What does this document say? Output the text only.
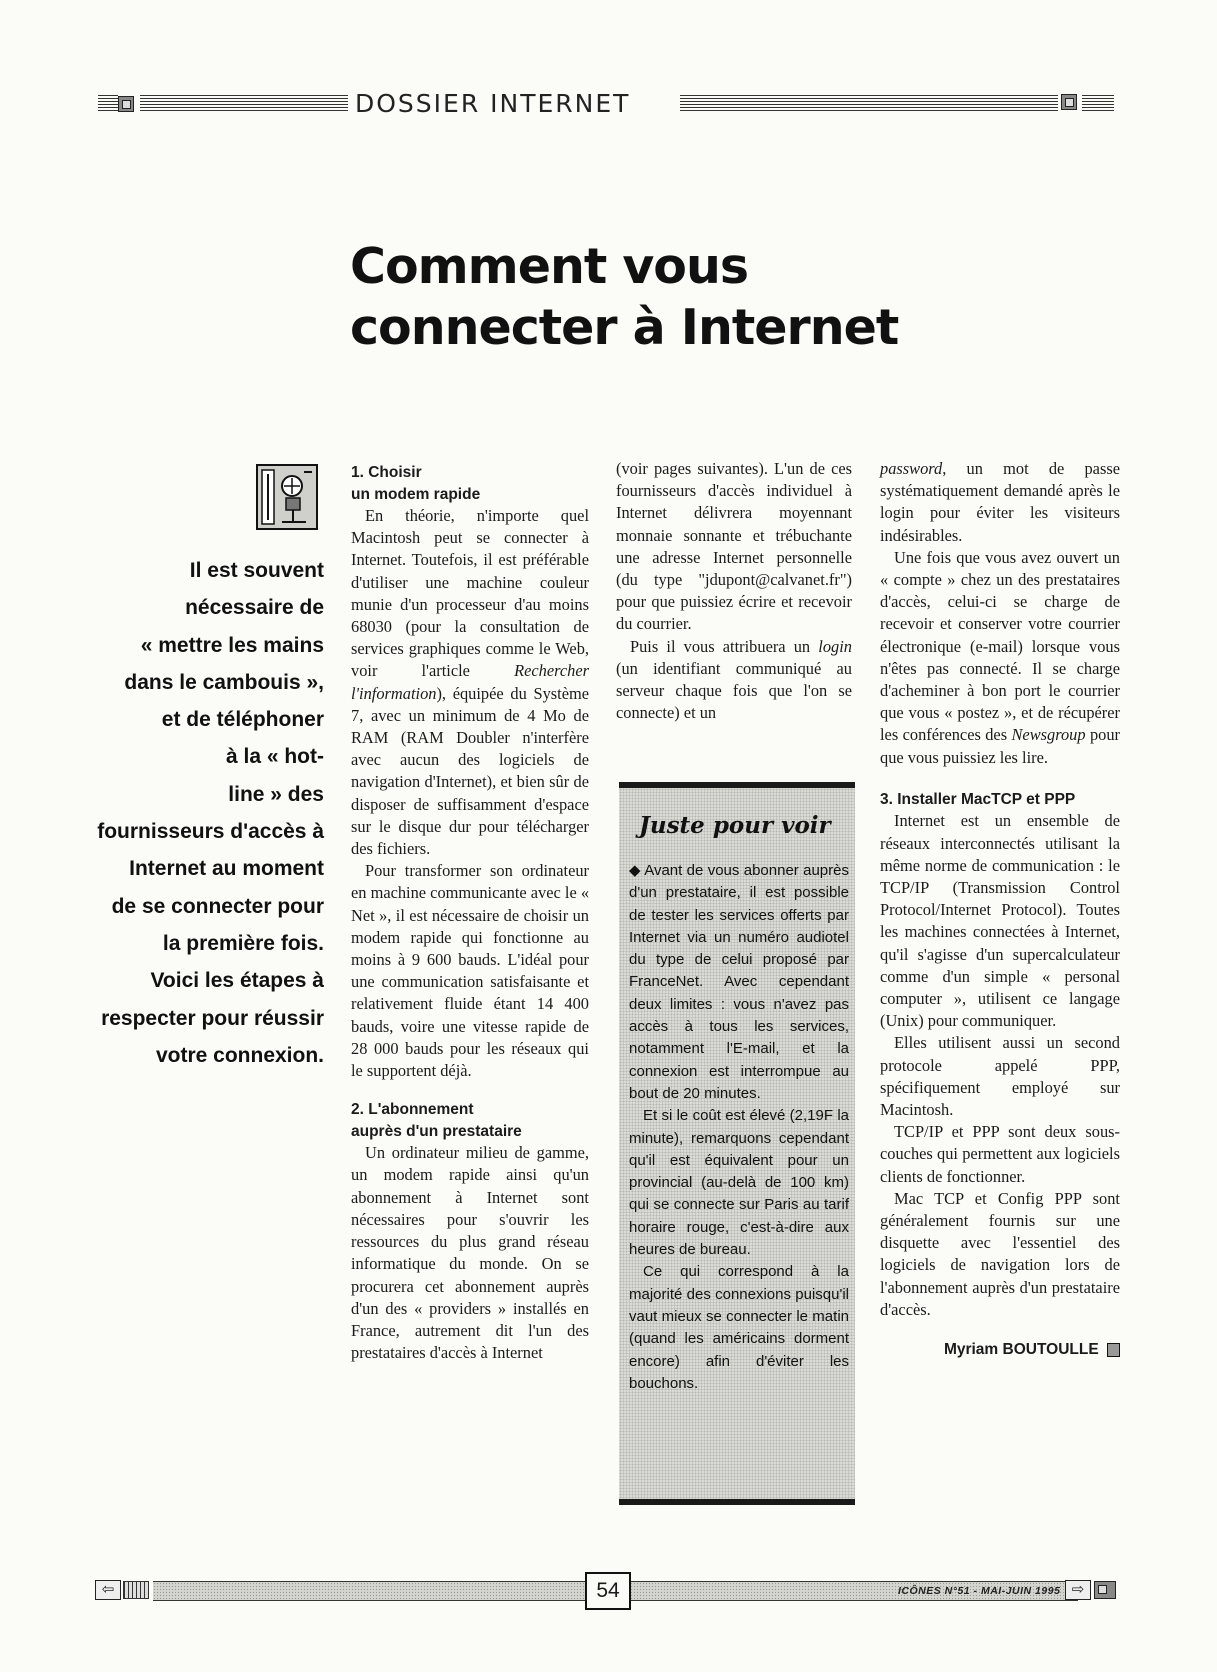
DOSSIER INTERNET
Comment vous
connecter à Internet
Il est souvent
nécessaire de
« mettre les mains
dans le cambouis »,
et de téléphoner
à la « hot-
line » des
fournisseurs d'accès à
Internet au moment
de se connecter pour
la première fois.
Voici les étapes à
respecter pour réussir
votre connexion.
1. Choisir
un modem rapide

En théorie, n'importe quel Macintosh peut se connecter à Internet. Toutefois, il est préférable d'utiliser une machine couleur munie d'un processeur d'au moins 68030 (pour la consultation de services graphiques comme le Web, voir l'article Rechercher l'information), équipée du Système 7, avec un minimum de 4 Mo de RAM (RAM Doubler n'interfère avec aucun des logiciels de navigation d'Internet), et bien sûr de disposer de suffisamment d'espace sur le disque dur pour télécharger des fichiers.

Pour transformer son ordinateur en machine communicante avec le « Net », il est nécessaire de choisir un modem rapide qui fonctionne au moins à 9 600 bauds. L'idéal pour une communication satisfaisante et relativement fluide étant 14 400 bauds, voire une vitesse rapide de 28 000 bauds pour les réseaux qui le supportent déjà.

2. L'abonnement
auprès d'un prestataire

Un ordinateur milieu de gamme, un modem rapide ainsi qu'un abonnement à Internet sont nécessaires pour s'ouvrir les ressources du plus grand réseau informatique du monde. On se procurera cet abonnement auprès d'un des « providers » installés en France, autrement dit l'un des prestataires d'accès à Internet

(voir pages suivantes). L'un de ces fournisseurs d'accès individuel à Internet délivrera moyennant monnaie sonnante et trébuchante une adresse Internet personnelle (du type "jdupont@calvanet.fr") pour que puissiez écrire et recevoir du courrier.

Puis il vous attribuera un login (un identifiant communiqué au serveur chaque fois que l'on se connecte) et un

Juste pour voir

◆ Avant de vous abonner auprès d'un prestataire, il est possible de tester les services offerts par Internet via un numéro audiotel du type de celui proposé par FranceNet. Avec cependant deux limites : vous n'avez pas accès à tous les services, notamment l'E-mail, et la connexion est interrompue au bout de 20 minutes.

Et si le coût est élevé (2,19F la minute), remarquons cependant qu'il est équivalent pour un provincial (au-delà de 100 km) qui se connecte sur Paris au tarif horaire rouge, c'est-à-dire aux heures de bureau.

Ce qui correspond à la majorité des connexions puisqu'il vaut mieux se connecter le matin (quand les américains dorment encore) afin d'éviter les bouchons.

password, un mot de passe systématiquement demandé après le login pour éviter les visiteurs indésirables.

Une fois que vous avez ouvert un « compte » chez un des prestataires d'accès, celui-ci se charge de recevoir et conserver votre courrier électronique (e-mail) lorsque vous n'êtes pas connecté. Il se charge d'acheminer à bon port le courrier que vous « postez », et de récupérer les conférences des Newsgroup pour que vous puissiez les lire.

3. Installer MacTCP et PPP

Internet est un ensemble de réseaux interconnectés utilisant la même norme de communication : le TCP/IP (Transmission Control Protocol/Internet Protocol). Toutes les machines connectées à Internet, qu'il s'agisse d'un supercalculateur comme d'un simple « personal computer », utilisent ce langage (Unix) pour communiquer.

Elles utilisent aussi un second protocole appelé PPP, spécifiquement employé sur Macintosh.

TCP/IP et PPP sont deux sous-couches qui permettent aux logiciels clients de fonctionner.

Mac TCP et Config PPP sont généralement fournis sur une disquette avec l'essentiel des logiciels de navigation lors de l'abonnement auprès d'un prestataire d'accès.

Myriam BOUTOULLE
⇦	⇨
54	ICÔNES N°51 - MAI-JUIN 1995
